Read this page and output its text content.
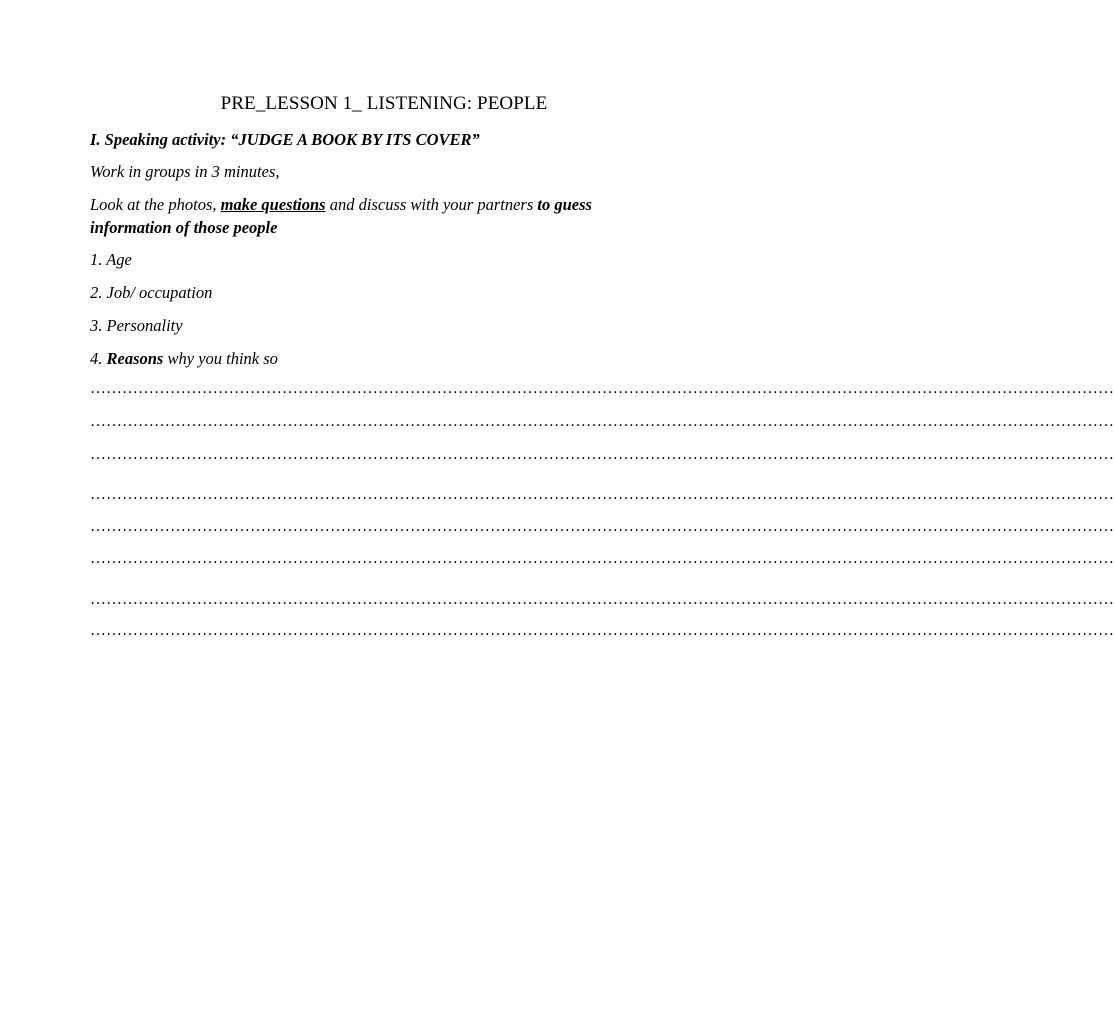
PRE_LESSON 1_ LISTENING: PEOPLE

I. Speaking activity: “JUDGE A BOOK BY ITS COVER”

Work in groups in 3 minutes,

Look at the photos, make questions and discuss with your partners to guess

information of those people

1. Age

2. Job/ occupation

3. Personality

4. Reasons why you think so

…………………………………………………………………………………………………………………………………………………………………………
…………………………………………………………………………………………………………………………………………………………………………
…………………………………………………………………………………………………………………………………………………………………………
…………………………………………………………………………………………………………………………………………………………………………
…………………………………………………………………………………………………………………………………………………………………………
…………………………………………………………………………………………………………………………………………………………………………
…………………………………………………………………………………………………………………………………………………………………………
…………………………………………………………………………………………………………………………………………………………………………
